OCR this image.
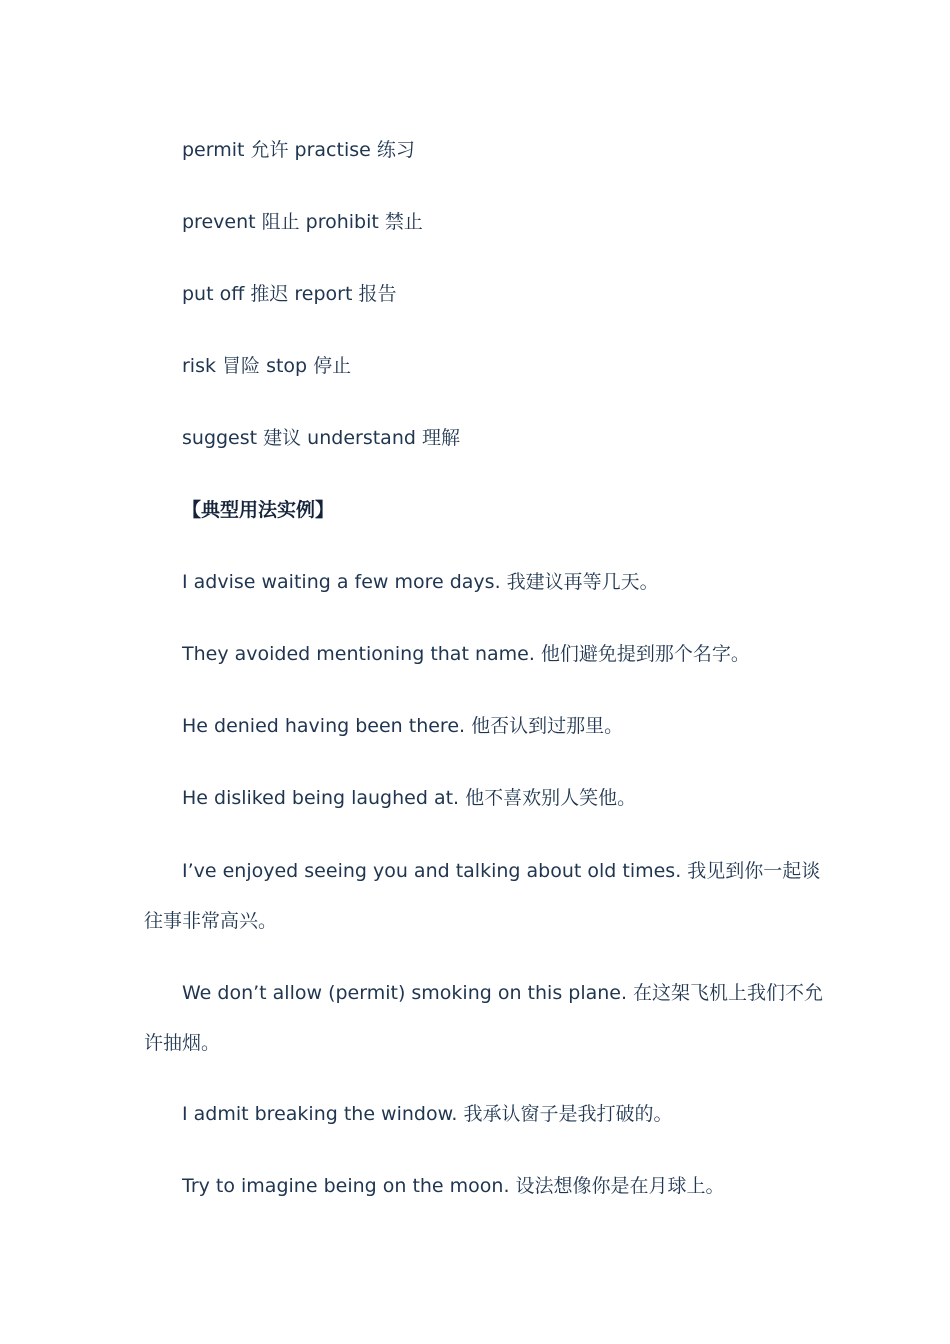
permit 允许 practise 练习
prevent 阻止 prohibit 禁止
put off 推迟 report 报告
risk 冒险 stop 停止
suggest 建议 understand 理解
【典型用法实例】
I advise waiting a few more days. 我建议再等几天。
They avoided mentioning that name. 他们避免提到那个名字。
He denied having been there. 他否认到过那里。
He disliked being laughed at. 他不喜欢别人笑他。
I’ve enjoyed seeing you and talking about old times. 我见到你一起谈往事非常高兴。
We don’t allow (permit) smoking on this plane. 在这架飞机上我们不允许抽烟。
I admit breaking the window. 我承认窗子是我打破的。
Try to imagine being on the moon. 设法想像你是在月球上。
